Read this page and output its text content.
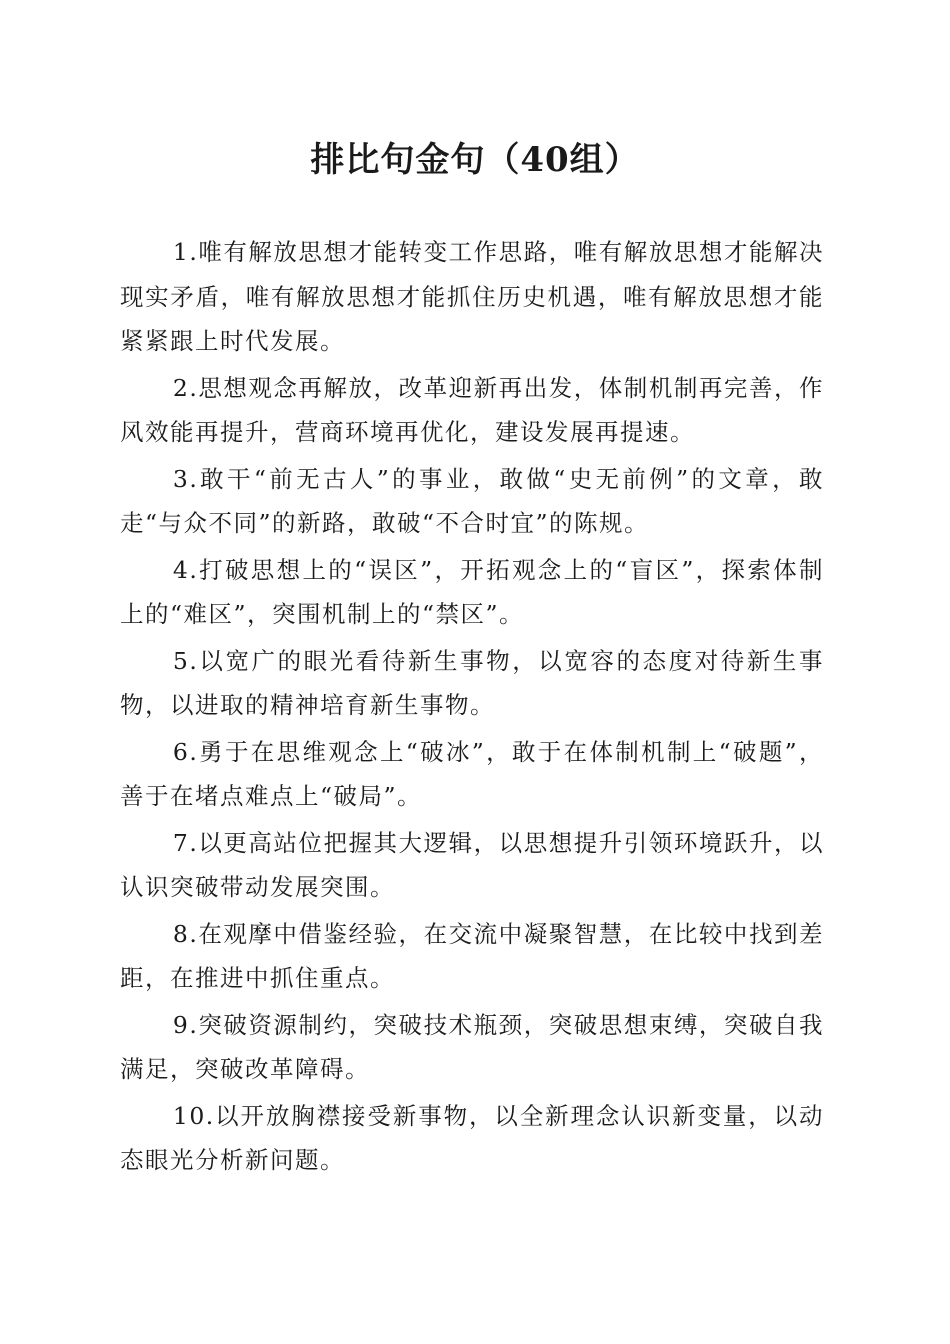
排比句金句（40组）

1.唯有解放思想才能转变工作思路，唯有解放思想才能解决现实矛盾，唯有解放思想才能抓住历史机遇，唯有解放思想才能紧紧跟上时代发展。

2.思想观念再解放，改革迎新再出发，体制机制再完善，作风效能再提升，营商环境再优化，建设发展再提速。

3.敢干“前无古人”的事业，敢做“史无前例”的文章，敢走“与众不同”的新路，敢破“不合时宜”的陈规。

4.打破思想上的“误区”，开拓观念上的“盲区”，探索体制上的“难区”，突围机制上的“禁区”。

5.以宽广的眼光看待新生事物，以宽容的态度对待新生事物，以进取的精神培育新生事物。

6.勇于在思维观念上“破冰”，敢于在体制机制上“破题”，善于在堵点难点上“破局”。

7.以更高站位把握其大逻辑，以思想提升引领环境跃升，以认识突破带动发展突围。

8.在观摩中借鉴经验，在交流中凝聚智慧，在比较中找到差距，在推进中抓住重点。

9.突破资源制约，突破技术瓶颈，突破思想束缚，突破自我满足，突破改革障碍。

10.以开放胸襟接受新事物，以全新理念认识新变量，以动态眼光分析新问题。
